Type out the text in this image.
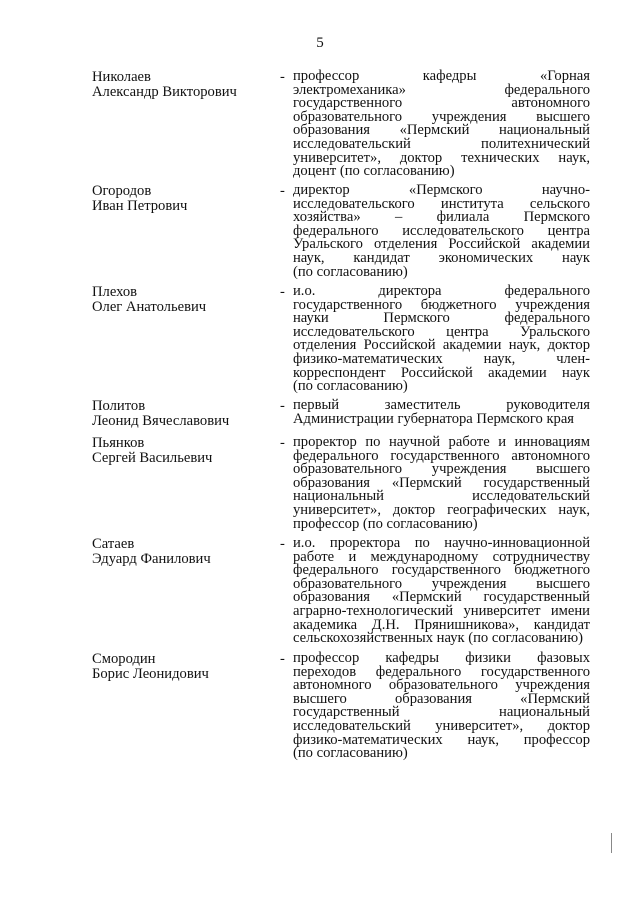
5
Николаев
Александр Викторович
- профессор кафедры «Горная
электромеханика» федерального
государственного автономного
образовательного учреждения высшего
образования «Пермский национальный
исследовательский политехнический
университет», доктор технических наук,
доцент (по согласованию)
Огородов
Иван Петрович
- директор «Пермского научно-
исследовательского института сельского
хозяйства» – филиала Пермского
федерального исследовательского центра
Уральского отделения Российской академии
наук, кандидат экономических наук
(по согласованию)
Плехов
Олег Анатольевич
- и.о. директора федерального
государственного бюджетного учреждения
науки Пермского федерального
исследовательского центра Уральского
отделения Российской академии наук, доктор
физико-математических наук, член-
корреспондент Российской академии наук
(по согласованию)
Политов
Леонид Вячеславович
- первый заместитель руководителя
Администрации губернатора Пермского края
Пьянков
Сергей Васильевич
- проректор по научной работе и инновациям
федерального государственного автономного
образовательного учреждения высшего
образования «Пермский государственный
национальный исследовательский
университет», доктор географических наук,
профессор (по согласованию)
Сатаев
Эдуард Фанилович
- и.о. проректора по научно-инновационной
работе и международному сотрудничеству
федерального государственного бюджетного
образовательного учреждения высшего
образования «Пермский государственный
аграрно-технологический университет имени
академика Д.Н. Прянишникова», кандидат
сельскохозяйственных наук (по согласованию)
Смородин
Борис Леонидович
- профессор кафедры физики фазовых
переходов федерального государственного
автономного образовательного учреждения
высшего образования «Пермский
государственный национальный
исследовательский университет», доктор
физико-математических наук, профессор
(по согласованию)
